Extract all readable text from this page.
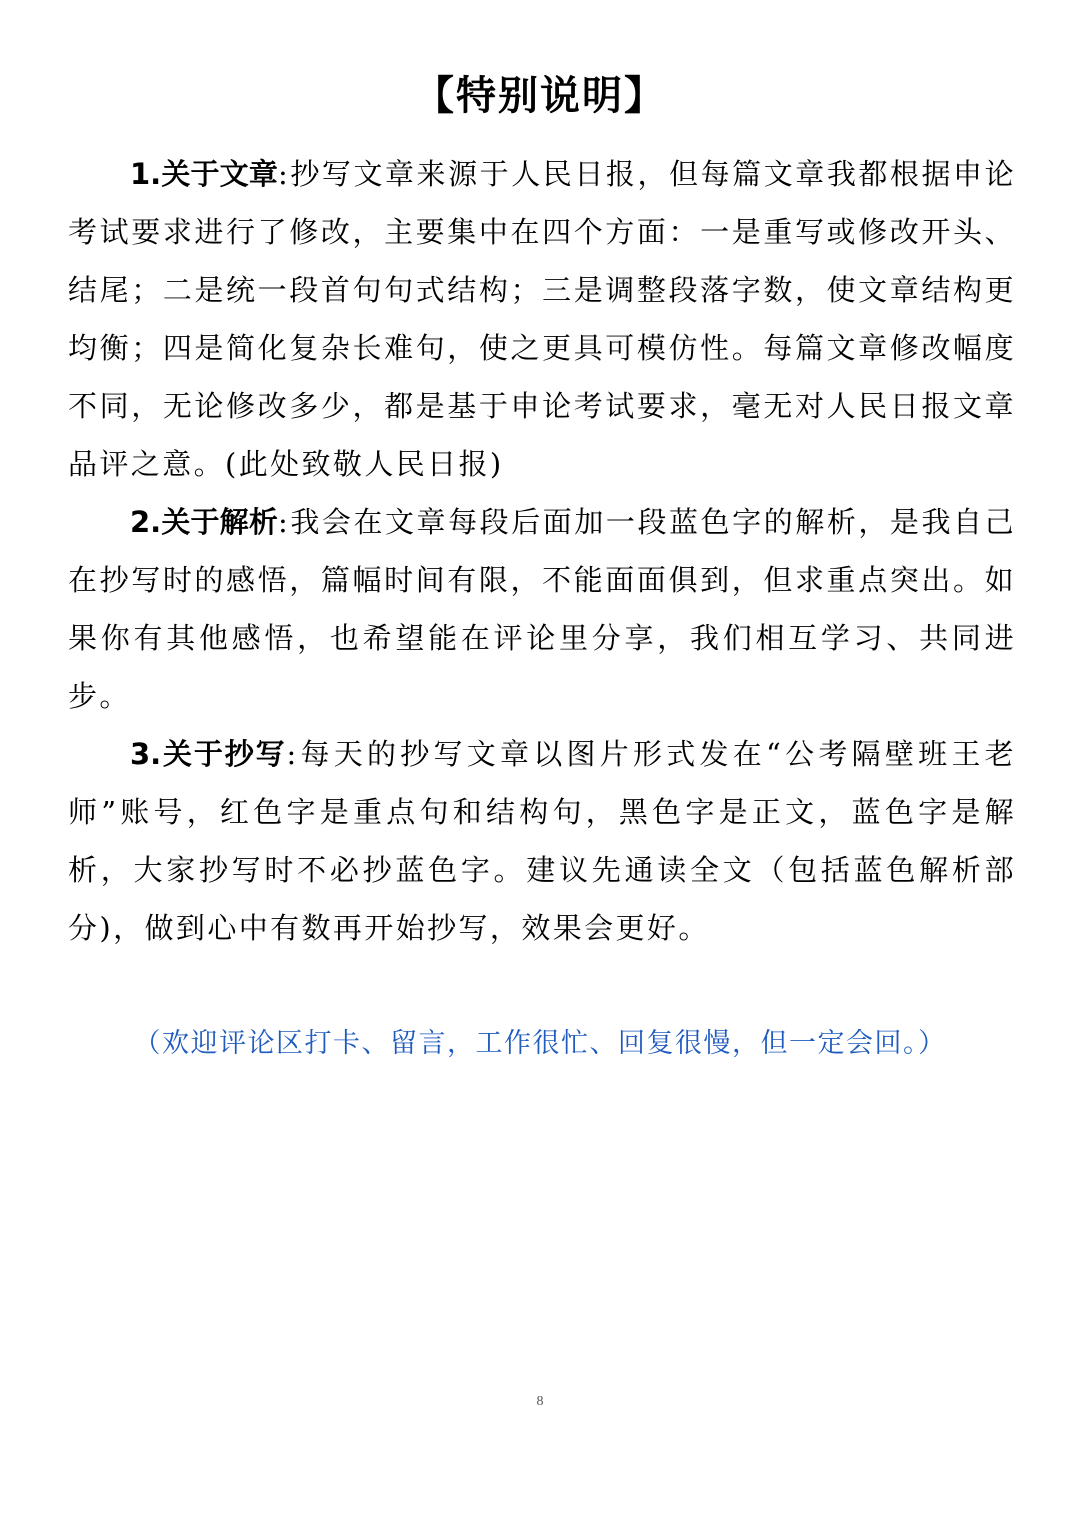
【特别说明】

1.关于文章:抄写文章来源于人民日报，但每篇文章我都根据申论考试要求进行了修改，主要集中在四个方面：一是重写或修改开头、结尾；二是统一段首句句式结构；三是调整段落字数，使文章结构更均衡；四是简化复杂长难句，使之更具可模仿性。每篇文章修改幅度不同，无论修改多少，都是基于申论考试要求，毫无对人民日报文章品评之意。(此处致敬人民日报)

2.关于解析:我会在文章每段后面加一段蓝色字的解析，是我自己在抄写时的感悟，篇幅时间有限，不能面面俱到，但求重点突出。如果你有其他感悟，也希望能在评论里分享，我们相互学习、共同进步。

3.关于抄写:每天的抄写文章以图片形式发在“公考隔壁班王老师”账号，红色字是重点句和结构句，黑色字是正文，蓝色字是解析，大家抄写时不必抄蓝色字。建议先通读全文（包括蓝色解析部分)，做到心中有数再开始抄写，效果会更好。

（欢迎评论区打卡、留言，工作很忙、回复很慢，但一定会回。）
8
